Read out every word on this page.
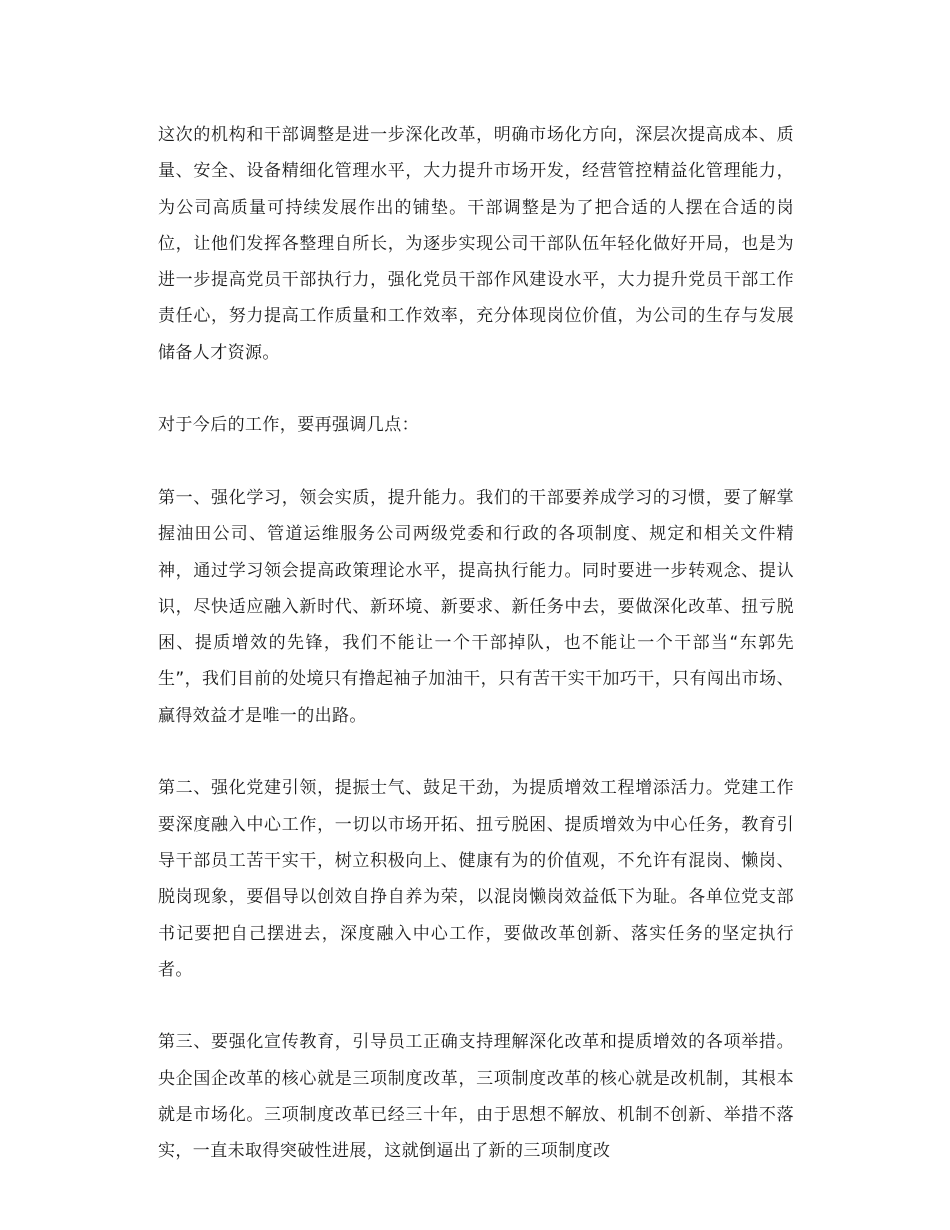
这次的机构和干部调整是进一步深化改革，明确市场化方向，深层次提高成本、质量、安全、设备精细化管理水平，大力提升市场开发，经营管控精益化管理能力，为公司高质量可持续发展作出的铺垫。干部调整是为了把合适的人摆在合适的岗位，让他们发挥各整理自所长，为逐步实现公司干部队伍年轻化做好开局，也是为进一步提高党员干部执行力，强化党员干部作风建设水平，大力提升党员干部工作责任心，努力提高工作质量和工作效率，充分体现岗位价值，为公司的生存与发展储备人才资源。

对于今后的工作，要再强调几点：

第一、强化学习，领会实质，提升能力。我们的干部要养成学习的习惯，要了解掌握油田公司、管道运维服务公司两级党委和行政的各项制度、规定和相关文件精神，通过学习领会提高政策理论水平，提高执行能力。同时要进一步转观念、提认识，尽快适应融入新时代、新环境、新要求、新任务中去，要做深化改革、扭亏脱困、提质增效的先锋，我们不能让一个干部掉队，也不能让一个干部当“东郭先生”，我们目前的处境只有撸起袖子加油干，只有苦干实干加巧干，只有闯出市场、赢得效益才是唯一的出路。

第二、强化党建引领，提振士气、鼓足干劲，为提质增效工程增添活力。党建工作要深度融入中心工作，一切以市场开拓、扭亏脱困、提质增效为中心任务，教育引导干部员工苦干实干，树立积极向上、健康有为的价值观，不允许有混岗、懒岗、脱岗现象，要倡导以创效自挣自养为荣，以混岗懒岗效益低下为耻。各单位党支部书记要把自己摆进去，深度融入中心工作，要做改革创新、落实任务的坚定执行者。

第三、要强化宣传教育，引导员工正确支持理解深化改革和提质增效的各项举措。央企国企改革的核心就是三项制度改革，三项制度改革的核心就是改机制，其根本就是市场化。三项制度改革已经三十年，由于思想不解放、机制不创新、举措不落实，一直未取得突破性进展，这就倒逼出了新的三项制度改
